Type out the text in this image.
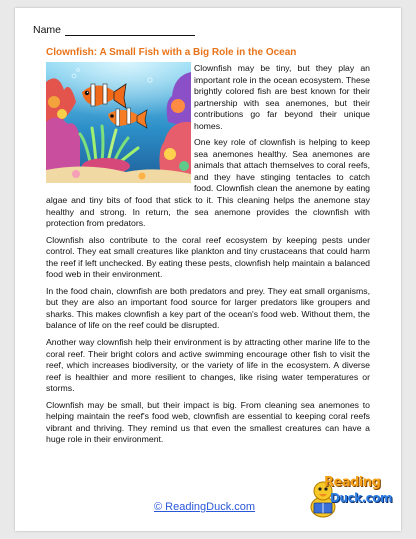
Name
Clownfish: A Small Fish with a Big Role in the Ocean

Clownfish may be tiny, but they play an important role in the ocean ecosystem. These brightly colored fish are best known for their partnership with sea anemones, but their contributions go far beyond their unique homes.

One key role of clownfish is helping to keep sea anemones healthy. Sea anemones are animals that attach themselves to coral reefs, and they have stinging tentacles to catch food. Clownfish clean the anemone by eating algae and tiny bits of food that stick to it. This cleaning helps the anemone stay healthy and strong. In return, the sea anemone provides the clownfish with protection from predators.

Clownfish also contribute to the coral reef ecosystem by keeping pests under control. They eat small creatures like plankton and tiny crustaceans that could harm the reef if left unchecked. By eating these pests, clownfish help maintain a balanced food web in their environment.

In the food chain, clownfish are both predators and prey. They eat small organisms, but they are also an important food source for larger predators like groupers and sharks. This makes clownfish a key part of the ocean's food web. Without them, the balance of life on the reef could be disrupted.

Another way clownfish help their environment is by attracting other marine life to the coral reef. Their bright colors and active swimming encourage other fish to visit the reef, which increases biodiversity, or the variety of life in the ecosystem. A diverse reef is healthier and more resilient to changes, like rising water temperatures or storms.

Clownfish may be small, but their impact is big. From cleaning sea anemones to helping maintain the reef's food web, clownfish are essential to keeping coral reefs vibrant and thriving. They remind us that even the smallest creatures can have a huge role in their environment.

© ReadingDuck.com
Reading
Duck.com
